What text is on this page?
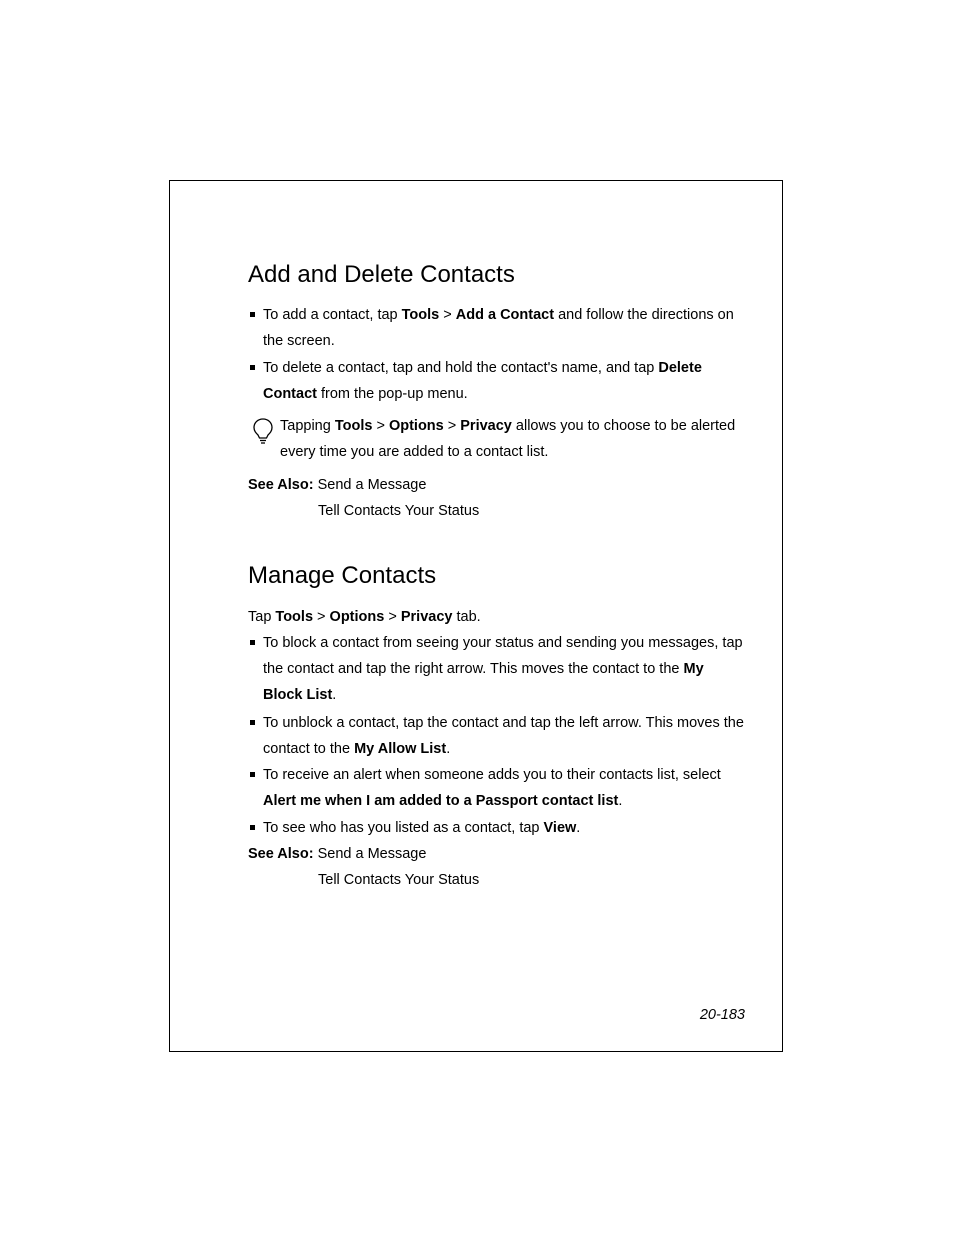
Add and Delete Contacts

To add a contact, tap Tools > Add a Contact and follow the directions on the screen.

To delete a contact, tap and hold the contact's name, and tap Delete Contact from the pop-up menu.

Tapping Tools > Options > Privacy allows you to choose to be alerted every time you are added to a contact list.

See Also: Send a Message
Tell Contacts Your Status
Manage Contacts

Tap Tools > Options > Privacy tab.

To block a contact from seeing your status and sending you messages, tap the contact and tap the right arrow. This moves the contact to the My Block List.

To unblock a contact, tap the contact and tap the left arrow. This moves the contact to the My Allow List.

To receive an alert when someone adds you to their contacts list, select Alert me when I am added to a Passport contact list.

To see who has you listed as a contact, tap View.

See Also: Send a Message
Tell Contacts Your Status
20-183
